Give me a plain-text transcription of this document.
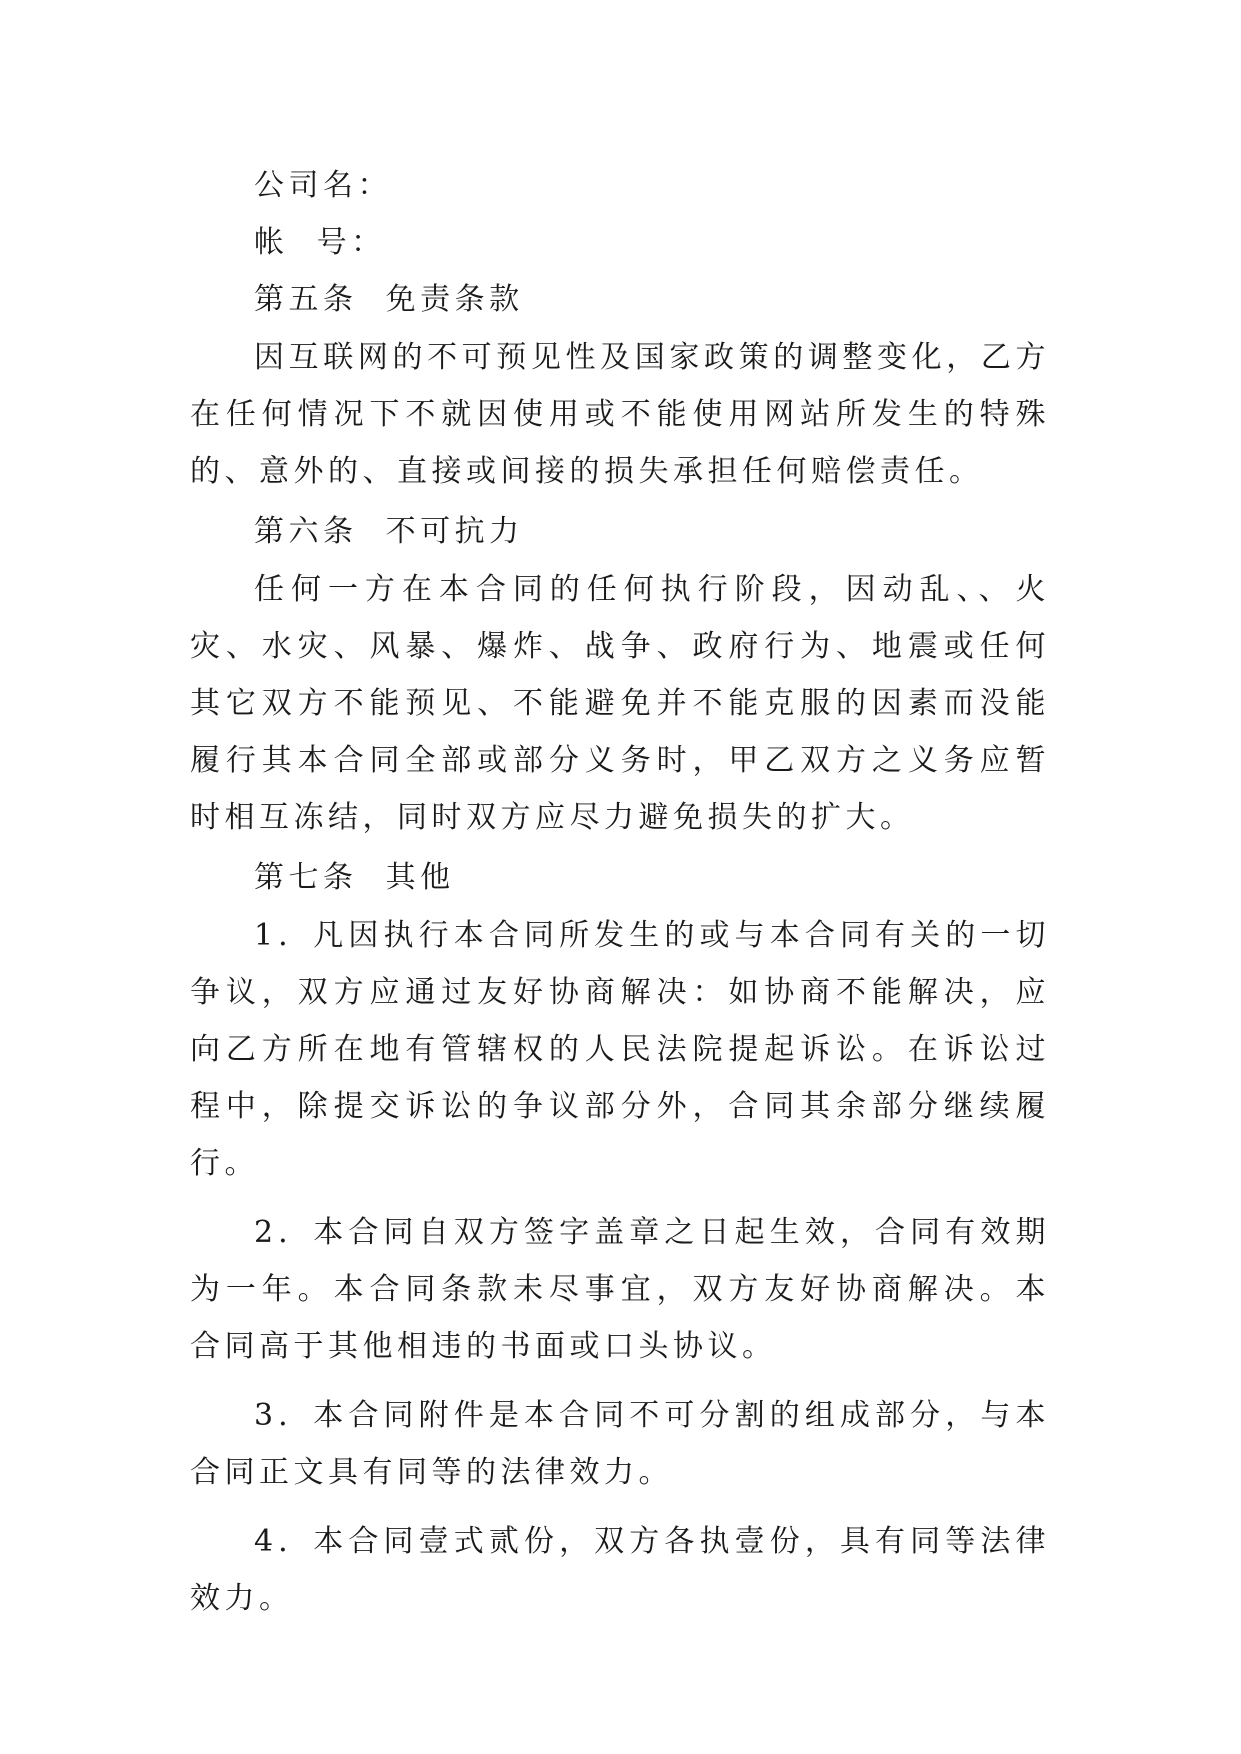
公司名：
帐  号：
第五条  免责条款

因互联网的不可预见性及国家政策的调整变化，乙方在任何情况下不就因使用或不能使用网站所发生的特殊的、意外的、直接或间接的损失承担任何赔偿责任。

第六条  不可抗力

任何一方在本合同的任何执行阶段，因动乱、、火灾、水灾、风暴、爆炸、战争、政府行为、地震或任何其它双方不能预见、不能避免并不能克服的因素而没能履行其本合同全部或部分义务时，甲乙双方之义务应暂时相互冻结，同时双方应尽力避免损失的扩大。

第七条  其他

1．凡因执行本合同所发生的或与本合同有关的一切争议，双方应通过友好协商解决：如协商不能解决，应向乙方所在地有管辖权的人民法院提起诉讼。在诉讼过程中，除提交诉讼的争议部分外，合同其余部分继续履行。

2．本合同自双方签字盖章之日起生效，合同有效期为一年。本合同条款未尽事宜，双方友好协商解决。本合同高于其他相违的书面或口头协议。

3．本合同附件是本合同不可分割的组成部分，与本合同正文具有同等的法律效力。

4．本合同壹式贰份，双方各执壹份，具有同等法律效力。
